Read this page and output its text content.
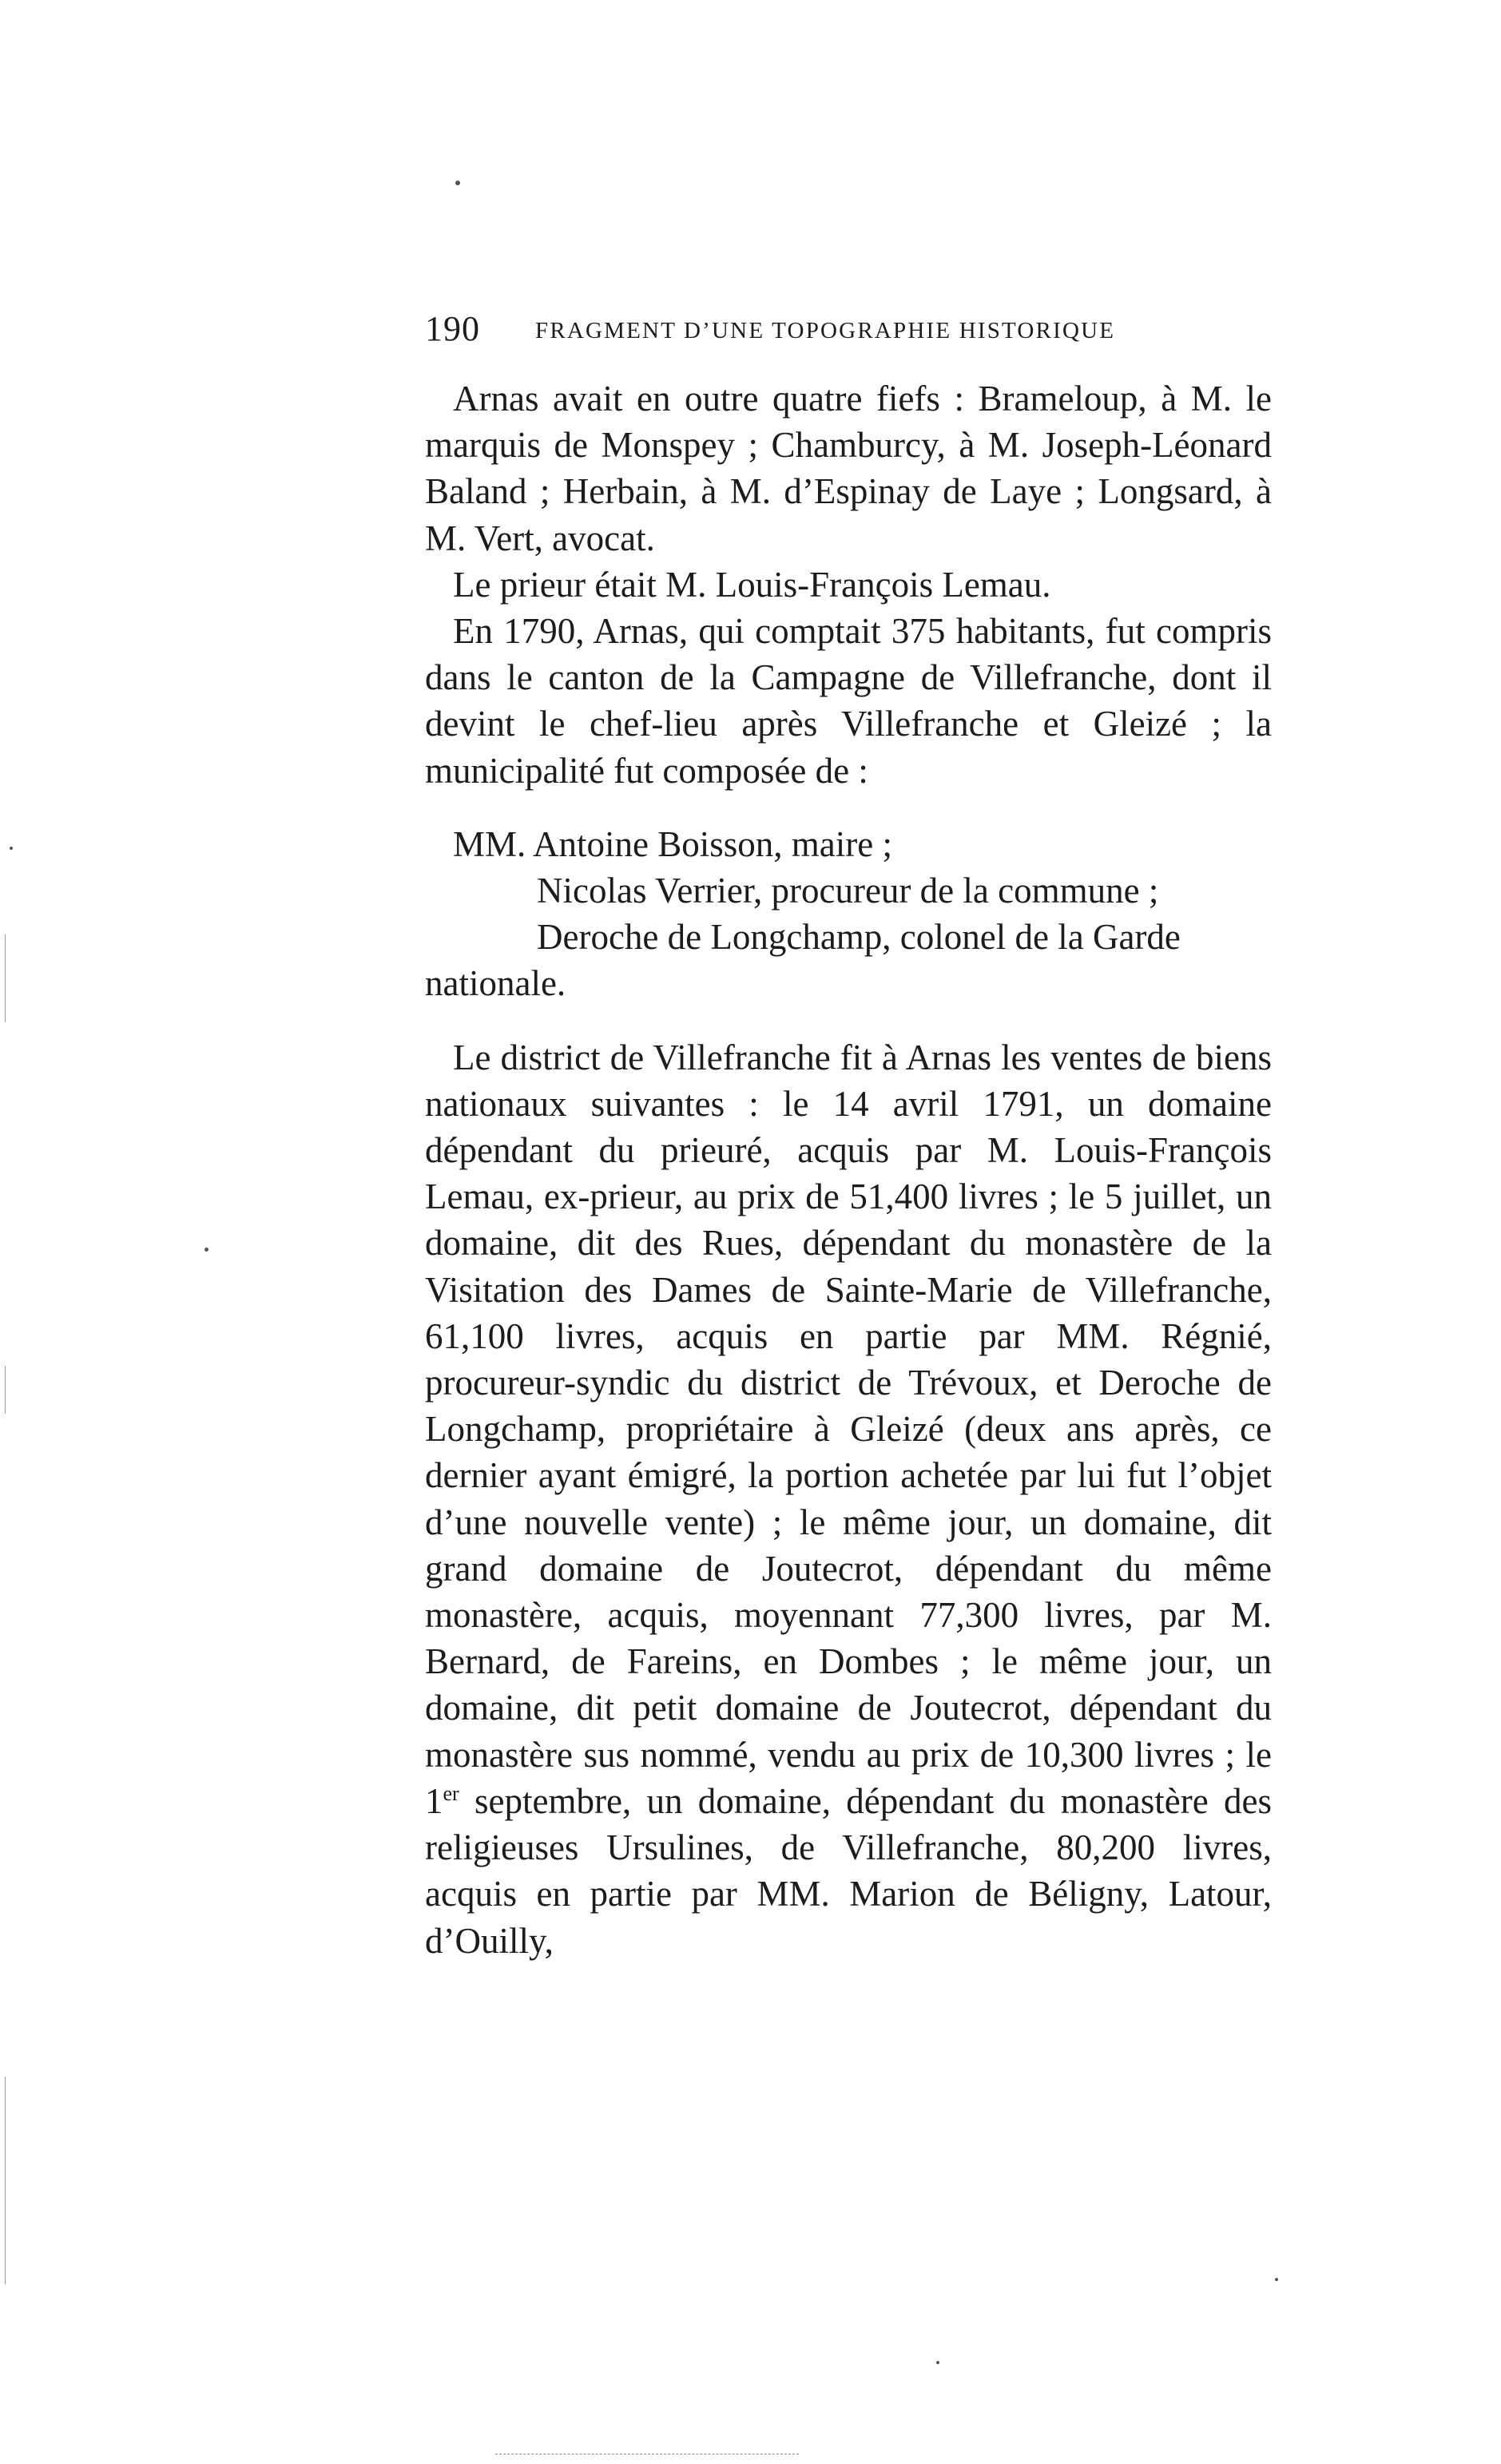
190 FRAGMENT D’UNE TOPOGRAPHIE HISTORIQUE

Arnas avait en outre quatre fiefs : Brameloup, à M. le marquis de Monspey ; Chamburcy, à M. Joseph-Léonard Baland ; Herbain, à M. d’Espinay de Laye ; Longsard, à M. Vert, avocat.

Le prieur était M. Louis-François Lemau.

En 1790, Arnas, qui comptait 375 habitants, fut compris dans le canton de la Campagne de Villefranche, dont il devint le chef-lieu après Villefranche et Gleizé ; la municipalité fut composée de :

MM. Antoine Boisson, maire ;

Nicolas Verrier, procureur de la commune ;

Deroche de Longchamp, colonel de la Garde

nationale.

Le district de Villefranche fit à Arnas les ventes de biens nationaux suivantes : le 14 avril 1791, un domaine dépendant du prieuré, acquis par M. Louis-François Lemau, ex-prieur, au prix de 51,400 livres ; le 5 juillet, un domaine, dit des Rues, dépendant du monastère de la Visitation des Dames de Sainte-Marie de Villefranche, 61,100 livres, acquis en partie par MM. Régnié, procureur-syndic du district de Trévoux, et Deroche de Longchamp, propriétaire à Gleizé (deux ans après, ce dernier ayant émigré, la portion achetée par lui fut l’objet d’une nouvelle vente) ; le même jour, un domaine, dit grand domaine de Joutecrot, dépendant du même monastère, acquis, moyennant 77,300 livres, par M. Bernard, de Fareins, en Dombes ; le même jour, un domaine, dit petit domaine de Joutecrot, dépendant du monastère sus nommé, vendu au prix de 10,300 livres ; le 1er septembre, un domaine, dépendant du monastère des religieuses Ursulines, de Villefranche, 80,200 livres, acquis en partie par MM. Marion de Béligny, Latour, d’Ouilly,
